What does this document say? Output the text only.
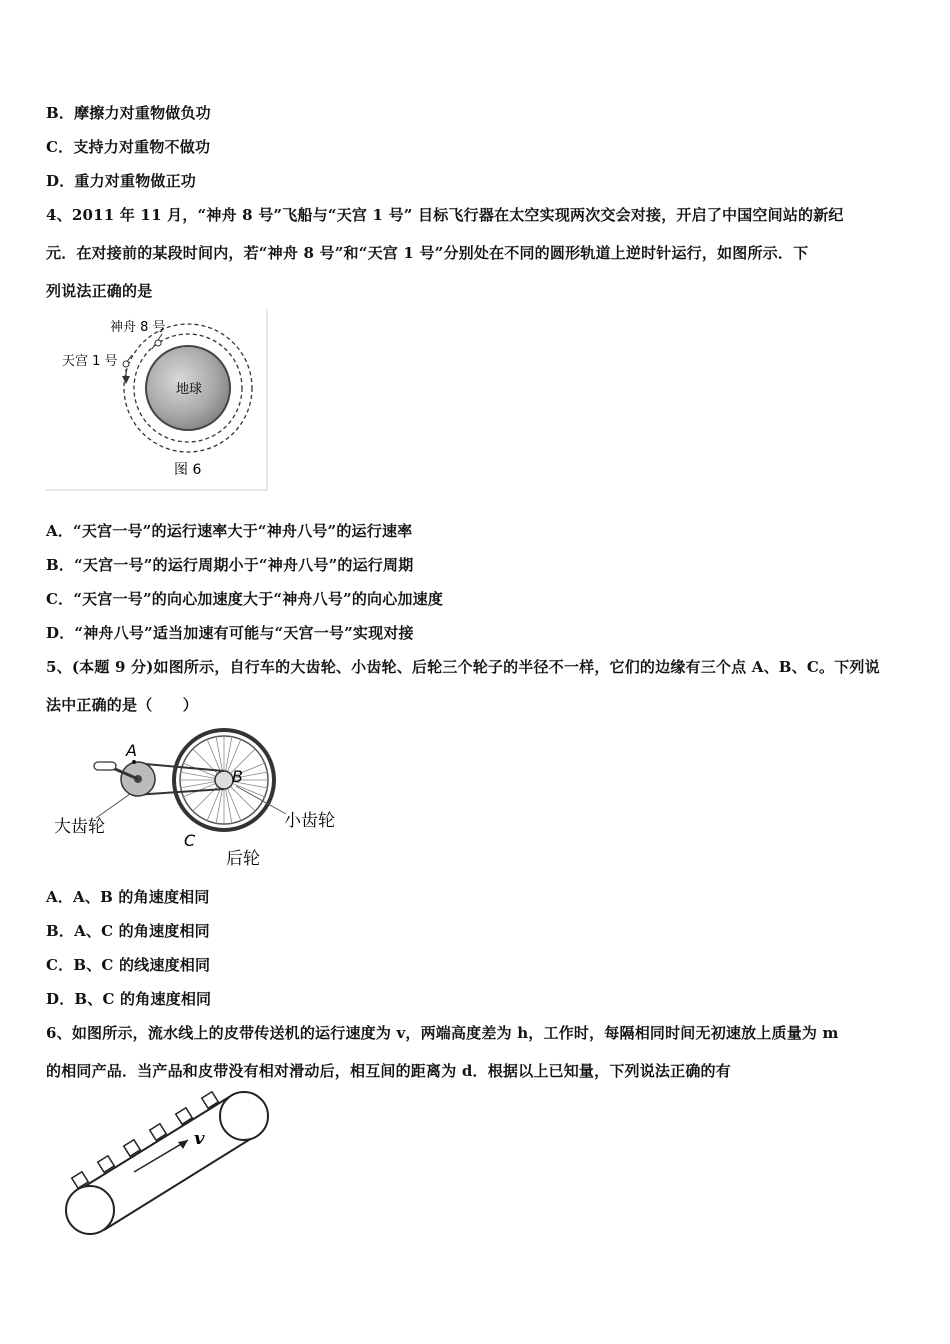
B．摩擦力对重物做负功
C．支持力对重物不做功
D．重力对重物做正功
4、2011 年 11 月，“神舟 8 号”飞船与“天宫 1 号” 目标飞行器在太空实现两次交会对接，开启了中国空间站的新纪
元．在对接前的某段时间内，若“神舟 8 号”和“天宫 1 号”分别处在不同的圆形轨道上逆时针运行，如图所示．下
列说法正确的是
地球
神舟 8 号
天宫 1 号
图 6
A．“天宫一号”的运行速率大于“神舟八号”的运行速率
B．“天宫一号”的运行周期小于“神舟八号”的运行周期
C．“天宫一号”的向心加速度大于“神舟八号”的向心加速度
D．“神舟八号”适当加速有可能与“天宫一号”实现对接
5、(本题 9 分)如图所示，自行车的大齿轮、小齿轮、后轮三个轮子的半径不一样，它们的边缘有三个点 A、B、C。下列说
法中正确的是（　　）
A
B
C
大齿轮	小齿轮
后轮
A．A、B 的角速度相同
B．A、C 的角速度相同
C．B、C 的线速度相同
D．B、C 的角速度相同
6、如图所示，流水线上的皮带传送机的运行速度为 v，两端高度差为 h，工作时，每隔相同时间无初速放上质量为 m
的相同产品．当产品和皮带没有相对滑动后，相互间的距离为 d．根据以上已知量，下列说法正确的有
v
